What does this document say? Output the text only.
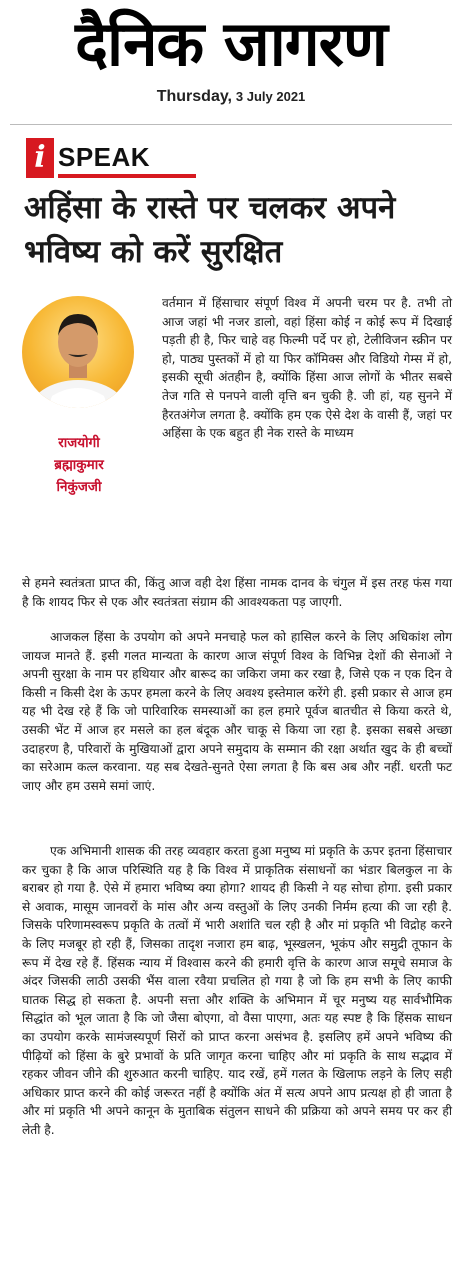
दैनिक जागरण
Thursday, 3 July 2021
i SPEAK
अहिंसा के रास्ते पर चलकर अपने भविष्य को करें सुरक्षित
राजयोगी
ब्रह्माकुमार
निकुंजजी
वर्तमान में हिंसाचार संपूर्ण विश्व में अपनी चरम पर है. तभी तो आज जहां भी नजर डालो, वहां हिंसा कोई न कोई रूप में दिखाई पड़ती ही है, फिर चाहे वह फिल्मी पर्दे पर हो, टेलीविजन स्क्रीन पर हो, पाठ्य पुस्तकों में हो या फिर कॉमिक्स और विडियो गेम्स में हो, इसकी सूची अंतहीन है, क्योंकि हिंसा आज लोगों के भीतर सबसे तेज गति से पनपने वाली वृत्ति बन चुकी है. जी हां, यह सुनने में हैरतअंगेज लगता है. क्योंकि हम एक ऐसे देश के वासी हैं, जहां पर अहिंसा के एक बहुत ही नेक रास्ते के माध्यम
से हमने स्वतंत्रता प्राप्त की, किंतु आज वही देश हिंसा नामक दानव के चंगुल में इस तरह फंस गया है कि शायद फिर से एक और स्वतंत्रता संग्राम की आवश्यकता पड़ जाएगी.
आजकल हिंसा के उपयोग को अपने मनचाहे फल को हासिल करने के लिए अधिकांश लोग जायज मानते हैं. इसी गलत मान्यता के कारण आज संपूर्ण विश्व के विभिन्न देशों की सेनाओं ने अपनी सुरक्षा के नाम पर हथियार और बारूद का जकिरा जमा कर रखा है, जिसे एक न एक दिन वे किसी न किसी देश के ऊपर हमला करने के लिए अवश्य इस्तेमाल करेंगे ही. इसी प्रकार से आज हम यह भी देख रहे हैं कि जो पारिवारिक समस्याओं का हल हमारे पूर्वज बातचीत से किया करते थे, उसकी भेंट में आज हर मसले का हल बंदूक और चाकू से किया जा रहा है. इसका सबसे अच्छा उदाहरण है, परिवारों के मुखियाओं द्वारा अपने समुदाय के सम्मान की रक्षा अर्थात खुद के ही बच्चों का सरेआम कत्ल करवाना. यह सब देखते-सुनते ऐसा लगता है कि बस अब और नहीं. धरती फट जाए और हम उसमे समां जाएं.
एक अभिमानी शासक की तरह व्यवहार करता हुआ मनुष्य मां प्रकृति के ऊपर इतना हिंसाचार कर चुका है कि आज परिस्थिति यह है कि विश्व में प्राकृतिक संसाधनों का भंडार बिलकुल ना के बराबर हो गया है. ऐसे में हमारा भविष्य क्या होगा? शायद ही किसी ने यह सोचा होगा. इसी प्रकार से अवाक, मासूम जानवरों के मांस और अन्य वस्तुओं के लिए उनकी निर्मम हत्या की जा रही है. जिसके परिणामस्वरूप प्रकृति के तत्वों में भारी अशांति चल रही है और मां प्रकृति भी विद्रोह करने के लिए मजबूर हो रही हैं, जिसका तादृश नजारा हम बाढ़, भूस्खलन, भूकंप और समुद्री तूफान के रूप में देख रहे हैं. हिंसक न्याय में विश्वास करने की हमारी वृत्ति के कारण आज समूचे समाज के अंदर जिसकी लाठी उसकी भैंस वाला रवैया प्रचलित हो गया है जो कि हम सभी के लिए काफी घातक सिद्ध हो सकता है. अपनी सत्ता और शक्ति के अभिमान में चूर मनुष्य यह सार्वभौमिक सिद्धांत को भूल जाता है कि जो जैसा बोएगा, वो वैसा पाएगा, अतः यह स्पष्ट है कि हिंसक साधन का उपयोग करके सामंजस्यपूर्ण सिरों को प्राप्त करना असंभव है. इसलिए हमें अपने भविष्य की पीढ़ियों को हिंसा के बुरे प्रभावों के प्रति जागृत करना चाहिए और मां प्रकृति के साथ सद्भाव में रहकर जीवन जीने की शुरुआत करनी चाहिए. याद रखें, हमें गलत के खिलाफ लड़ने के लिए सही अधिकार प्राप्त करने की कोई जरूरत नहीं है क्योंकि अंत में सत्य अपने आप प्रत्यक्ष हो ही जाता है और मां प्रकृति भी अपने कानून के मुताबिक संतुलन साधने की प्रक्रिया को अपने समय पर कर ही लेती है.
